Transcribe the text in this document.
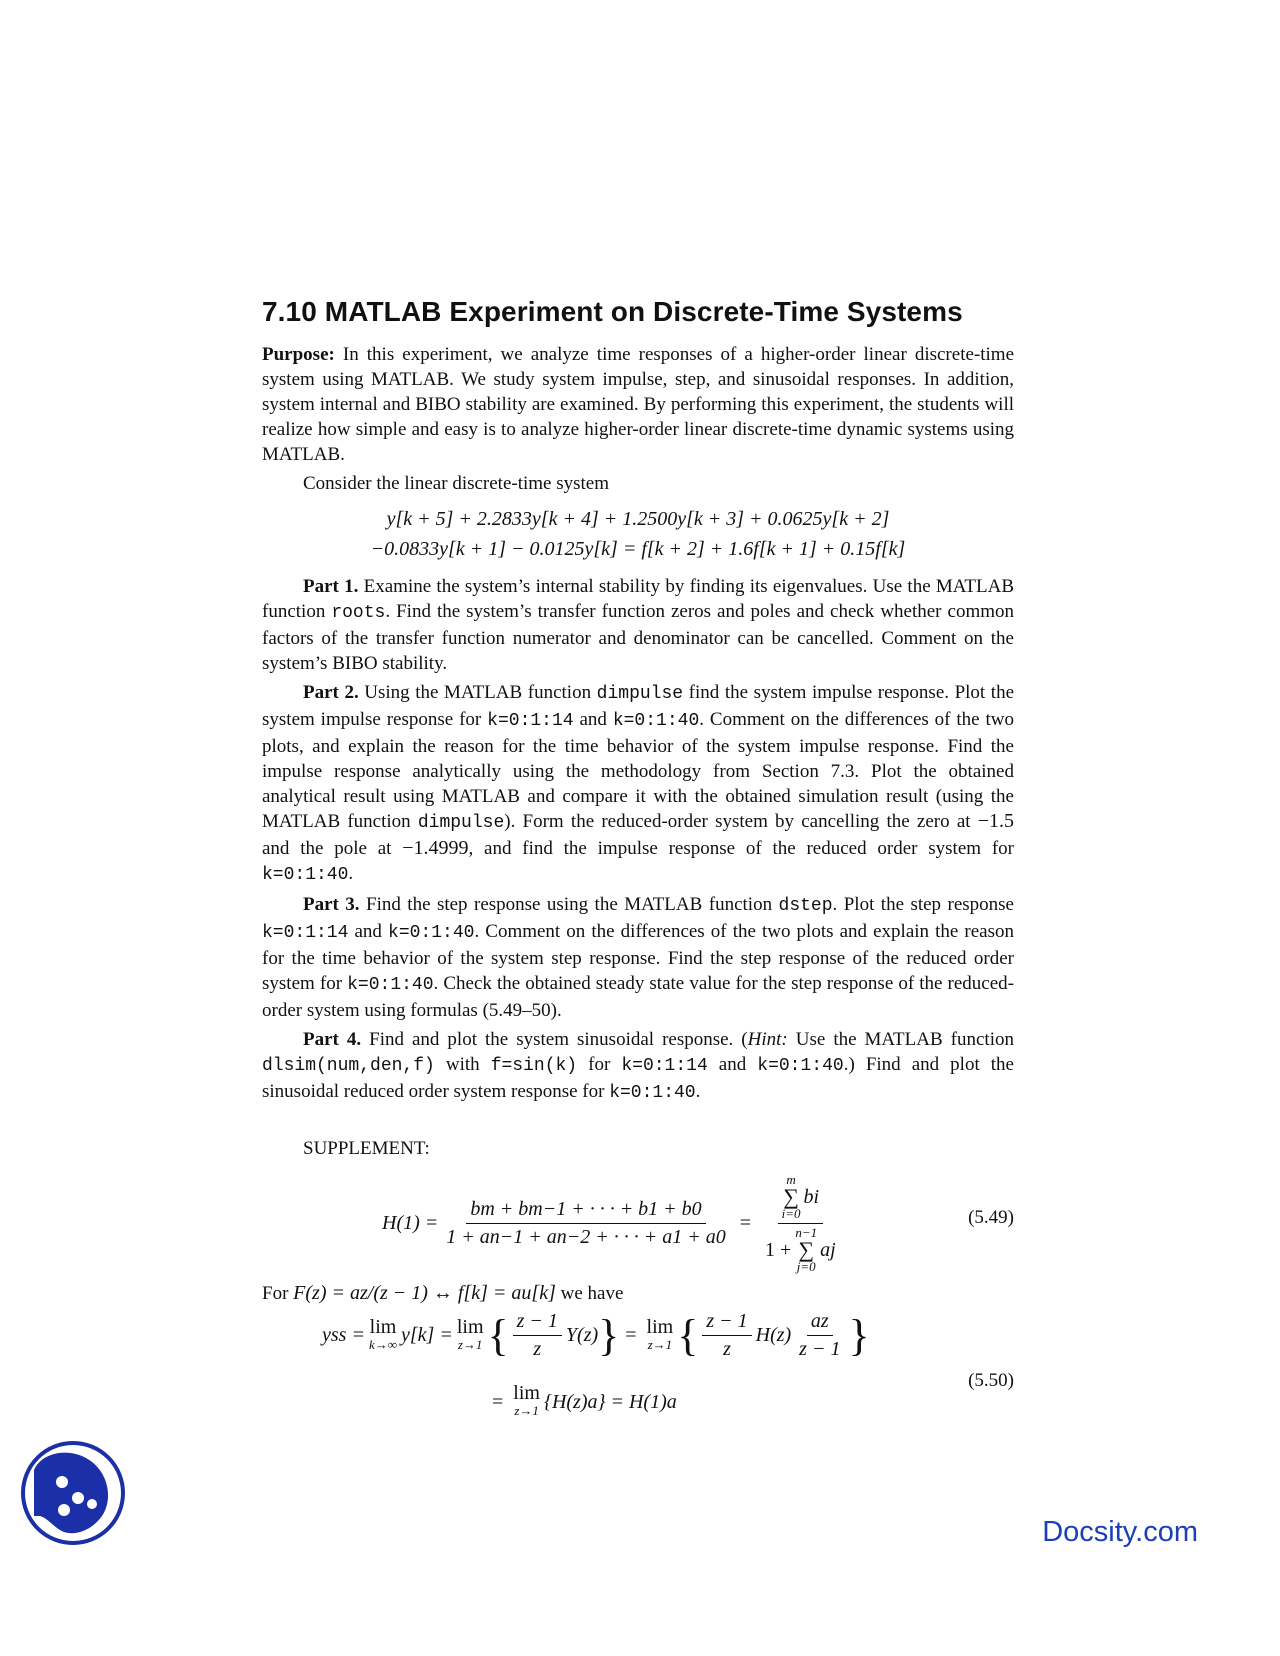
7.10 MATLAB Experiment on Discrete-Time Systems

Purpose: In this experiment, we analyze time responses of a higher-order linear discrete-time system using MATLAB. We study system impulse, step, and sinusoidal responses. In addition, system internal and BIBO stability are examined. By performing this experiment, the students will realize how simple and easy is to analyze higher-order linear discrete-time dynamic systems using MATLAB.

Consider the linear discrete-time system

y[k + 5] + 2.2833y[k + 4] + 1.2500y[k + 3] + 0.0625y[k + 2]
−0.0833y[k + 1] − 0.0125y[k] = f[k + 2] + 1.6f[k + 1] + 0.15f[k]

Part 1. Examine the system’s internal stability by finding its eigenvalues. Use the MATLAB function roots. Find the system’s transfer function zeros and poles and check whether common factors of the transfer function numerator and denominator can be cancelled. Comment on the system’s BIBO stability.

Part 2. Using the MATLAB function dimpulse find the system impulse response. Plot the system impulse response for k=0:1:14 and k=0:1:40. Comment on the differences of the two plots, and explain the reason for the time behavior of the system impulse response. Find the impulse response analytically using the methodology from Section 7.3. Plot the obtained analytical result using MATLAB and compare it with the obtained simulation result (using the MATLAB function dimpulse). Form the reduced-order system by cancelling the zero at −1.5 and the pole at −1.4999, and find the impulse response of the reduced order system for k=0:1:40.

Part 3. Find the step response using the MATLAB function dstep. Plot the step response k=0:1:14 and k=0:1:40. Comment on the differences of the two plots and explain the reason for the time behavior of the system step response. Find the step response of the reduced order system for k=0:1:40. Check the obtained steady state value for the step response of the reduced-order system using formulas (5.49–50).

Part 4. Find and plot the system sinusoidal response. (Hint: Use the MATLAB function dlsim(num,den,f) with f=sin(k) for k=0:1:14 and k=0:1:40.) Find and plot the sinusoidal reduced order system response for k=0:1:40.

SUPPLEMENT:
$H(1) = \frac{bm + bm-1 + \cdot \cdot \cdot + b1 + b0}{1 + an-1 + an-2 + \cdot \cdot \cdot + a1 + a0}$ =
m
∑
i=0
bi
1 +
n−1
∑
j=0
aj
(5.49)

For F(z) = az/(z − 1) ↔ f[k] = au[k] we have

yss = lim
k→∞ y[k] = lim
z→1 { $\frac{z - 1}{z} Y(z)$ } = lim
z→1 { $\frac{z - 1}{z} H(z) \frac{az}{z - 1}$ }
= lim
z→1 {H(z)a} = H(1)a
(5.50)
Docsity.com
